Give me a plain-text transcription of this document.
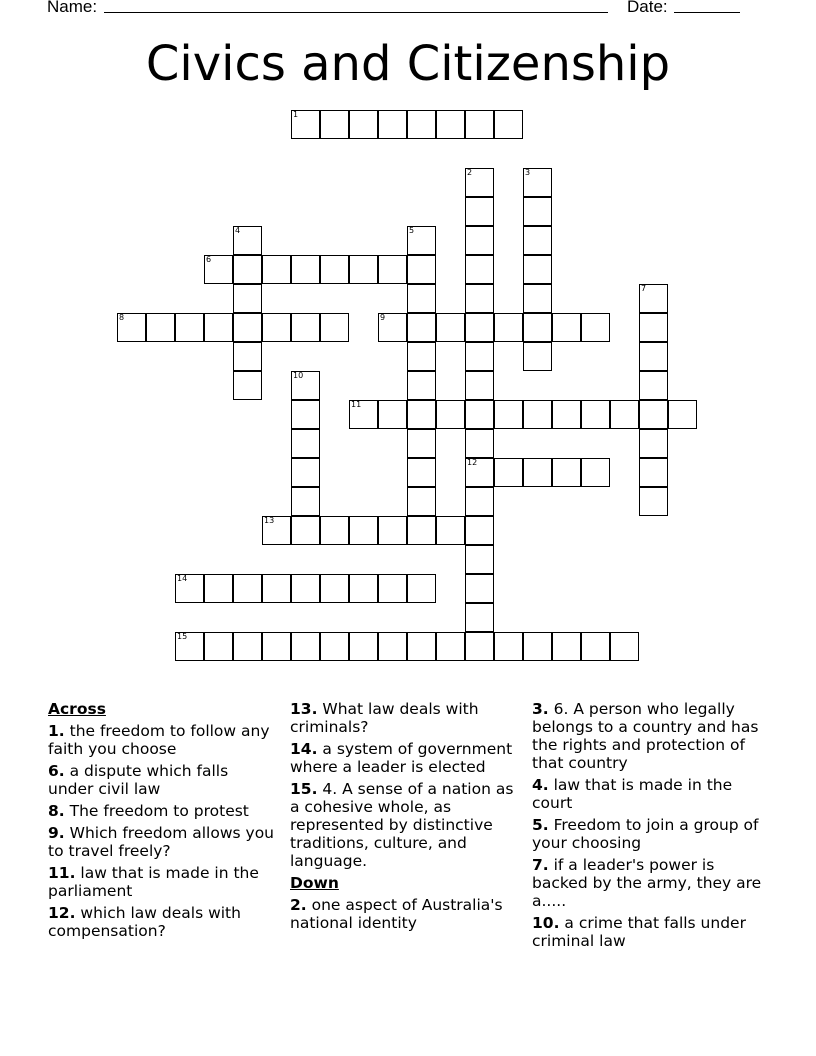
Name:	Date:
Civics and Citizenship
1
6
8	9
11
12
13
14
15
2	3
4	5
7
10
Across
1. the freedom to follow any faith you choose
6. a dispute which falls under civil law
8. The freedom to protest
9. Which freedom allows you to travel freely?
11. law that is made in the parliament
12. which law deals with compensation?
13. What law deals with criminals?
14. a system of government where a leader is elected
15. 4. A sense of a nation as a cohesive whole, as represented by distinctive traditions, culture, and language.
Down
2. one aspect of Australia's national identity
3. 6. A person who legally belongs to a country and has the rights and protection of that country
4. law that is made in the court
5. Freedom to join a group of your choosing
7. if a leader's power is backed by the army, they are a.....
10. a crime that falls under criminal law
